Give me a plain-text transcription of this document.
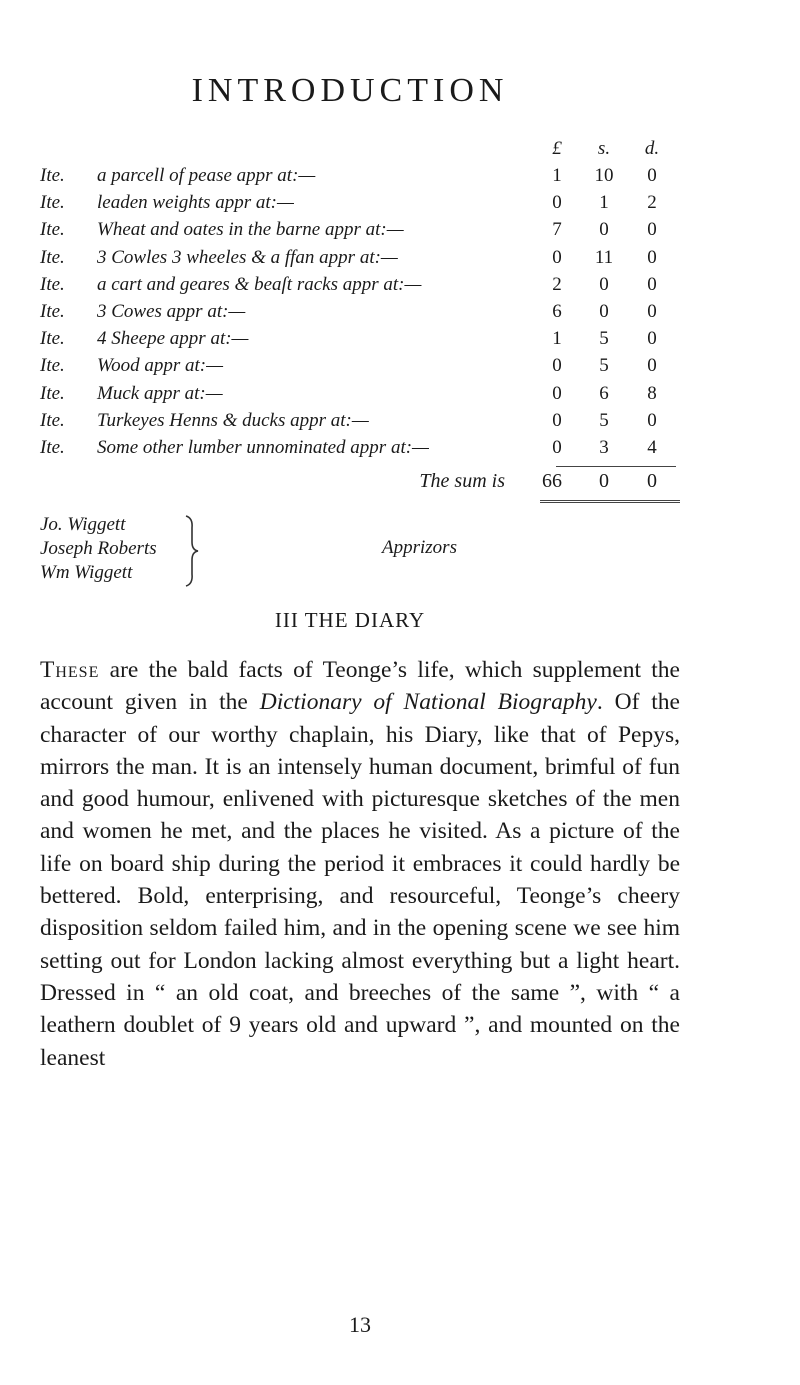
INTRODUCTION
£	s.	d.
Ite. a parcell of pease appr at:—	1	10	0
Ite. leaden weights appr at:—	0	1	2
Ite. Wheat and oates in the barne appr at:—	7	0	0
Ite. 3 Cowles 3 wheeles & a ffan appr at:—	0	11	0
Ite. a cart and geares & beaſt racks appr at:—	2	0	0
Ite. 3 Cowes appr at:—	6	0	0
Ite. 4 Sheepe appr at:—	1	5	0
Ite. Wood appr at:—	0	5	0
Ite. Muck appr at:—	0	6	8
Ite. Turkeyes Henns & ducks appr at:—	0	5	0
Ite. Some other lumber unnominated appr at:—	0	3	4
The sum is	66	0	0
Jo. Wiggett
Joseph Roberts
Wm Wiggett
Apprizors
III THE DIARY

These are the bald facts of Teonge’s life, which supplement the account given in the Dictionary of National Biography. Of the character of our worthy chaplain, his Diary, like that of Pepys, mirrors the man. It is an intensely human document, brimful of fun and good humour, enlivened with picturesque sketches of the men and women he met, and the places he visited. As a picture of the life on board ship during the period it embraces it could hardly be bettered. Bold, enterprising, and resourceful, Teonge’s cheery disposition seldom failed him, and in the opening scene we see him setting out for London lacking almost everything but a light heart. Dressed in “ an old coat, and breeches of the same ”, with “ a leathern doublet of 9 years old and upward ”, and mounted on the leanest

13
